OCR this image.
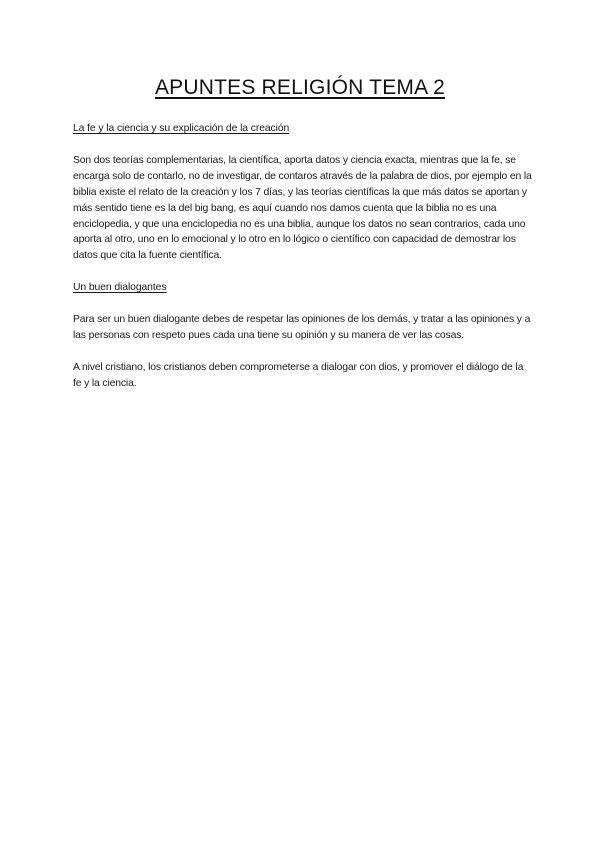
APUNTES RELIGIÓN TEMA 2

La fe y la ciencia y su explicación de la creación

Son dos teorías complementarias, la científica, aporta datos y ciencia exacta, mientras que la fe, se encarga solo de contarlo, no de investigar, de contaros através de la palabra de dios, por ejemplo en la biblia existe el relato de la creación y los 7 días, y las teorías científicas la que más datos se aportan y más sentido tiene es la del big bang, es aquí cuando nos damos cuenta que la biblia no es una enciclopedia, y que una enciclopedia no es una biblia, aunque los datos no sean contrarios, cada uno aporta al otro, uno en lo emocional y lo otro en lo lógico o científico con capacidad de demostrar los datos que cita la fuente científica.

Un buen dialogantes

Para ser un buen dialogante debes de respetar las opiniones de los demás, y tratar a las opiniones y a las personas con respeto pues cada una tiene su opinión y su manera de ver las cosas.

A nivel cristiano, los cristianos deben comprometerse a dialogar con dios, y promover el diálogo de la fe y la ciencia.
